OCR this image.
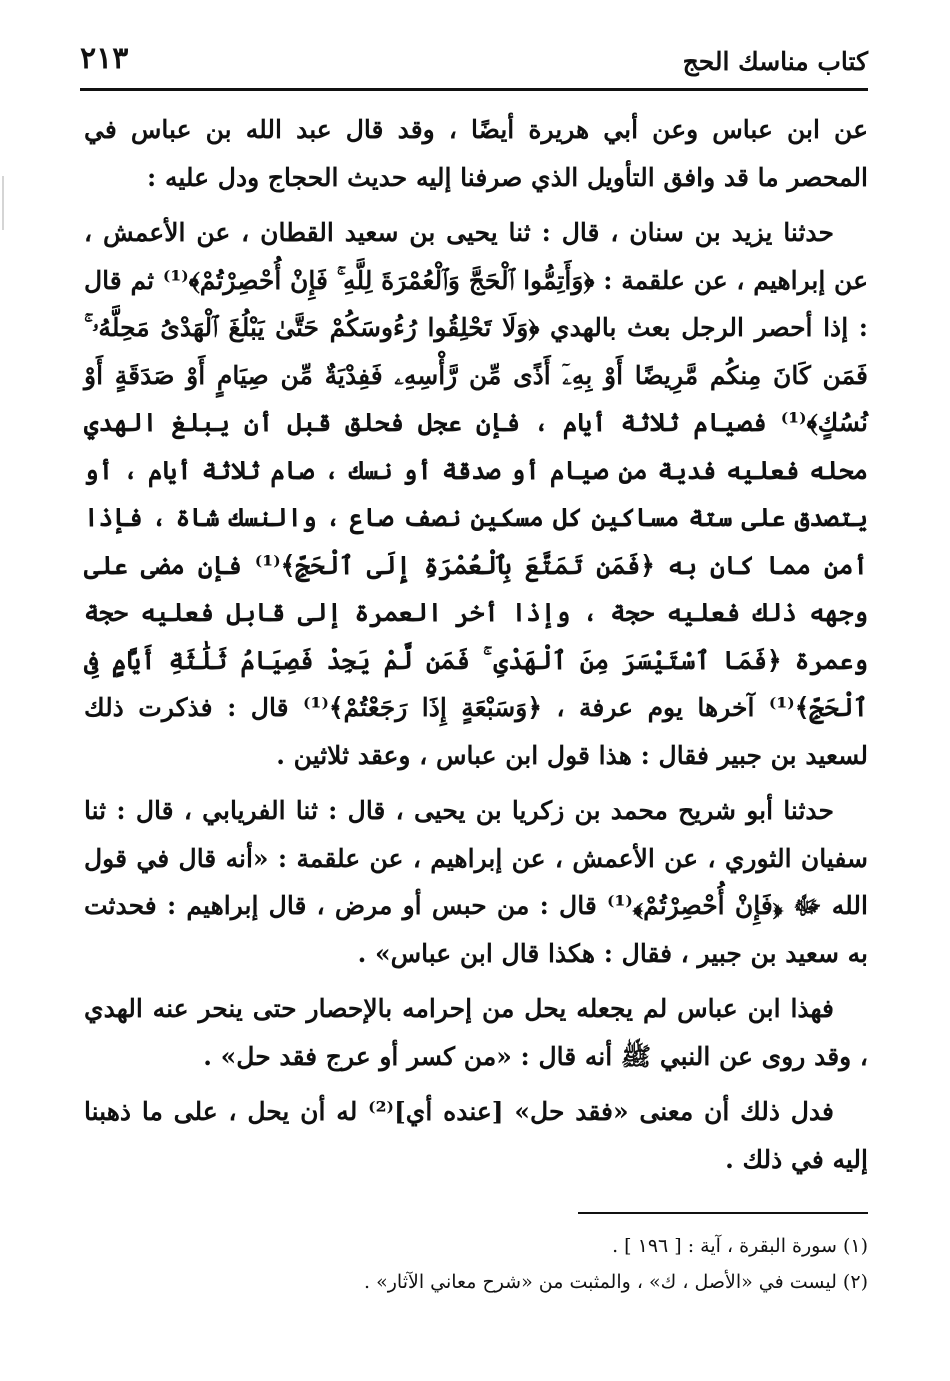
كتاب مناسك الحج
٢١٣

عن ابن عباس وعن أبي هريرة أيضًا ، وقد قال عبد الله بن عباس في المحصر ما قد وافق التأويل الذي صرفنا إليه حديث الحجاج ودل عليه :

حدثنا يزيد بن سنان ، قال : ثنا يحيى بن سعيد القطان ، عن الأعمش ، عن إبراهيم ، عن علقمة : ﴿وَأَتِمُّوا ٱلْحَجَّ وَٱلْعُمْرَةَ لِلَّهِ ۚ فَإِنْ أُحْصِرْتُمْ﴾⁽¹⁾ ثم قال : إذا أحصر الرجل بعث بالهدي ﴿وَلَا تَحْلِقُوا رُءُوسَكُمْ حَتَّىٰ يَبْلُغَ ٱلْهَدْىُ مَحِلَّهُۥ ۚ فَمَن كَانَ مِنكُم مَّرِيضًا أَوْ بِهِۦٓ أَذًى مِّن رَّأْسِهِۦ فَفِدْيَةٌ مِّن صِيَامٍ أَوْ صَدَقَةٍ أَوْ نُسُكٍ﴾⁽¹⁾ فصيام ثلاثة أيام ، فإن عجل فحلق قبل أن يبلغ الهدي محله فعليه فدية من صيام أو صدقة أو نسك ، صام ثلاثة أيام ، أو يتصدق على ستة مساكين كل مسكين نصف صاع ، والنسك شاة ، فإذا أمن مما كان به ﴿فَمَن تَمَتَّعَ بِٱلْعُمْرَةِ إِلَى ٱلْحَجِّ﴾⁽¹⁾ فإن مضى على وجهه ذلك فعليه حجة ، وإذا أخر العمرة إلى قابل فعليه حجة وعمرة ﴿فَمَا ٱسْتَيْسَرَ مِنَ ٱلْهَدْىِ ۚ فَمَن لَّمْ يَجِدْ فَصِيَامُ ثَلَٰثَةِ أَيَّامٍ فِى ٱلْحَجِّ﴾⁽¹⁾ آخرها يوم عرفة ، ﴿وَسَبْعَةٍ إِذَا رَجَعْتُمْ﴾⁽¹⁾ قال : فذكرت ذلك لسعيد بن جبير فقال : هذا قول ابن عباس ، وعقد ثلاثين .

حدثنا أبو شريح محمد بن زكريا بن يحيى ، قال : ثنا الفريابي ، قال : ثنا سفيان الثوري ، عن الأعمش ، عن إبراهيم ، عن علقمة : «أنه قال في قول الله ﷻ ﴿فَإِنْ أُحْصِرْتُمْ﴾⁽¹⁾ قال : من حبس أو مرض ، قال إبراهيم : فحدثت به سعيد بن جبير ، فقال : هكذا قال ابن عباس» .

فهذا ابن عباس لم يجعله يحل من إحرامه بالإحصار حتى ينحر عنه الهدي ، وقد روى عن النبي ﷺ أنه قال : «من كسر أو عرج فقد حل» .

فدل ذلك أن معنى «فقد حل» [عنده أي]⁽²⁾ له أن يحل ، على ما ذهبنا إليه في ذلك .

(١) سورة البقرة ، آية : [ ١٩٦ ] .

(٢) ليست في «الأصل ، ك» ، والمثبت من «شرح معاني الآثار» .
